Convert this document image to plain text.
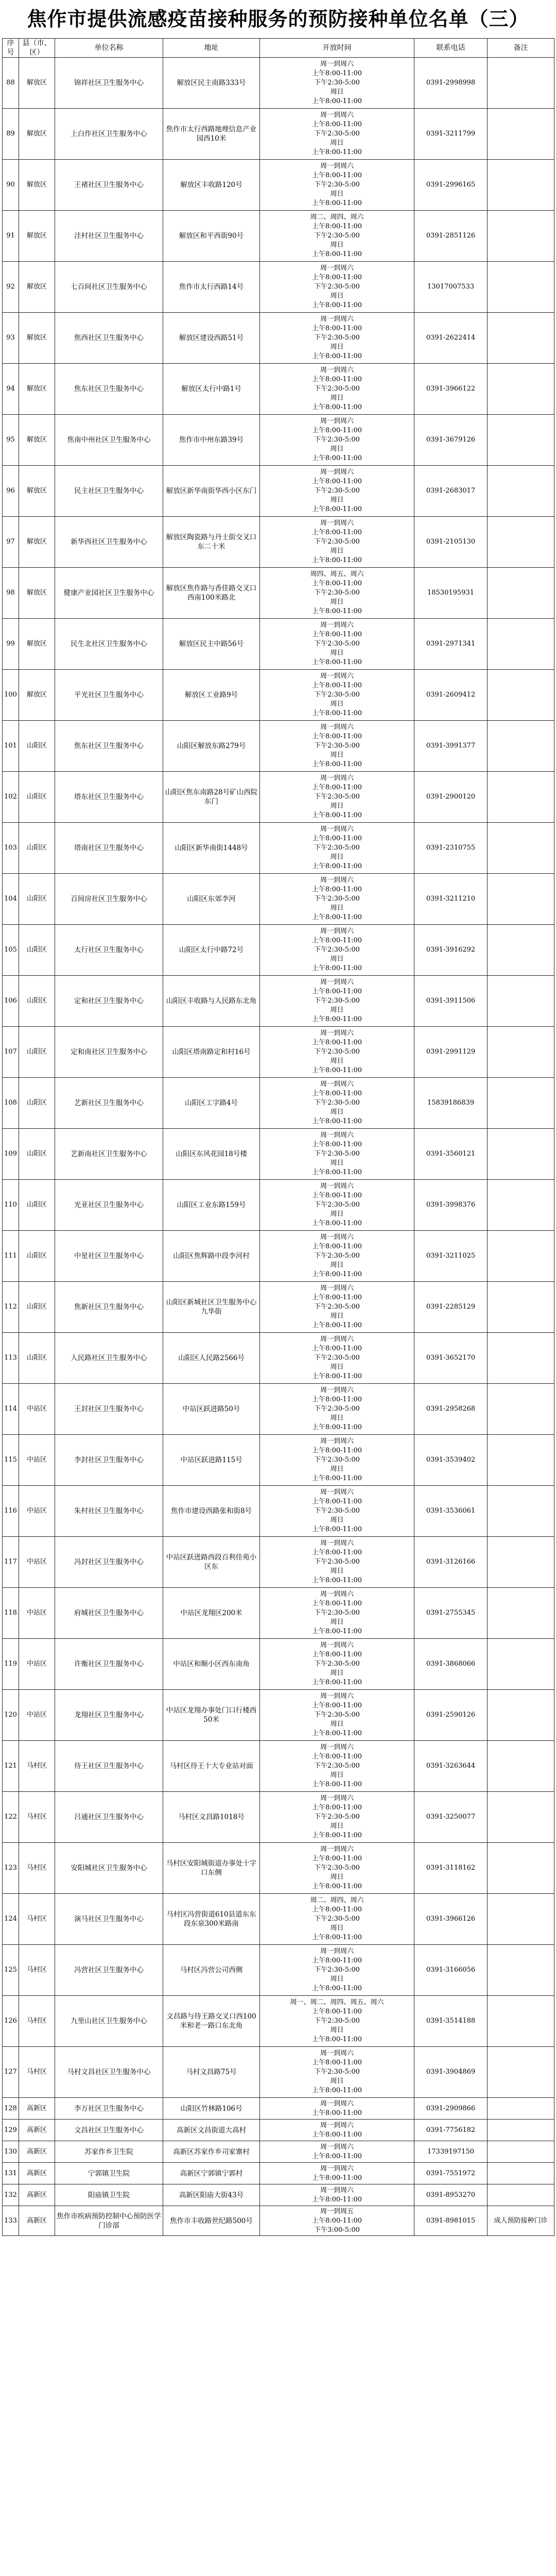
焦作市提供流感疫苗接种服务的预防接种单位名单（三）
序号	县（市、区）	单位名称	地址	开放时间	联系电话	备注
88	解放区	锦祥社区卫生服务中心	解放区民主南路333号	周一到周六
上午8:00-11:00
下午2:30-5:00
周日
上午8:00-11:00	0391-2998998	
89	解放区	上白作社区卫生服务中心	焦作市太行西路地理信息产业园西10米	周一到周六
上午8:00-11:00
下午2:30-5:00
周日
上午8:00-11:00	0391-3211799	
90	解放区	王褚社区卫生服务中心	解放区丰收路120号	周一到周六
上午8:00-11:00
下午2:30-5:00
周日
上午8:00-11:00	0391-2996165	
91	解放区	洼村社区卫生服务中心	解放区和平西街90号	周二、周四、周六
上午8:00-11:00
下午2:30-5:00
周日
上午8:00-11:00	0391-2851126	
92	解放区	七百间社区卫生服务中心	焦作市太行西路14号	周一到周六
上午8:00-11:00
下午2:30-5:00
周日
上午8:00-11:00	13017007533	
93	解放区	焦西社区卫生服务中心	解放区建设西路51号	周一到周六
上午8:00-11:00
下午2:30-5:00
周日
上午8:00-11:00	0391-2622414	
94	解放区	焦东社区卫生服务中心	解放区太行中路1号	周一到周六
上午8:00-11:00
下午2:30-5:00
周日
上午8:00-11:00	0391-3966122	
95	解放区	焦南中州社区卫生服务中心	焦作市中州东路39号	周一到周六
上午8:00-11:00
下午2:30-5:00
周日
上午8:00-11:00	0391-3679126	
96	解放区	民主社区卫生服务中心	解放区新华南街华西小区东门	周一到周六
上午8:00-11:00
下午2:30-5:00
周日
上午8:00-11:00	0391-2683017	
97	解放区	新华西社区卫生服务中心	解放区陶瓷路与丹土街交叉口东二十米	周一到周六
上午8:00-11:00
下午2:30-5:00
周日
上午8:00-11:00	0391-2105130	
98	解放区	健康产业园社区卫生服务中心	解放区焦作路与香佳路交叉口西南100米路北	周四、周五、周六
上午8:00-11:00
下午2:30-5:00
周日
上午8:00-11:00	18530195931	
99	解放区	民生北社区卫生服务中心	解放区民主中路56号	周一到周六
上午8:00-11:00
下午2:30-5:00
周日
上午8:00-11:00	0391-2971341	
100	解放区	平光社区卫生服务中心	解放区工业路9号	周一到周六
上午8:00-11:00
下午2:30-5:00
周日
上午8:00-11:00	0391-2609412	
101	山阳区	焦东社区卫生服务中心	山阳区解放东路279号	周一到周六
上午8:00-11:00
下午2:30-5:00
周日
上午8:00-11:00	0391-3991377	
102	山阳区	塔东社区卫生服务中心	山阳区焦东南路28号矿山西院东门	周一到周六
上午8:00-11:00
下午2:30-5:00
周日
上午8:00-11:00	0391-2900120	
103	山阳区	塔南社区卫生服务中心	山阳区新华南街1448号	周一到周六
上午8:00-11:00
下午2:30-5:00
周日
上午8:00-11:00	0391-2310755	
104	山阳区	百间房社区卫生服务中心	山阳区东郊李河	周一到周六
上午8:00-11:00
下午2:30-5:00
周日
上午8:00-11:00	0391-3211210	
105	山阳区	太行社区卫生服务中心	山阳区太行中路72号	周一到周六
上午8:00-11:00
下午2:30-5:00
周日
上午8:00-11:00	0391-3916292	
106	山阳区	定和社区卫生服务中心	山阳区丰收路与人民路东北角	周一到周六
上午8:00-11:00
下午2:30-5:00
周日
上午8:00-11:00	0391-3911506	
107	山阳区	定和南社区卫生服务中心	山阳区塔南路定和村16号	周一到周六
上午8:00-11:00
下午2:30-5:00
周日
上午8:00-11:00	0391-2991129	
108	山阳区	艺新社区卫生服务中心	山阳区工字路4号	周一到周六
上午8:00-11:00
下午2:30-5:00
周日
上午8:00-11:00	15839186839	
109	山阳区	艺新南社区卫生服务中心	山阳区东风花园18号楼	周一到周六
上午8:00-11:00
下午2:30-5:00
周日
上午8:00-11:00	0391-3560121	
110	山阳区	光亚社区卫生服务中心	山阳区工业东路159号	周一到周六
上午8:00-11:00
下午2:30-5:00
周日
上午8:00-11:00	0391-3998376	
111	山阳区	中星社区卫生服务中心	山阳区焦辉路中段李河村	周一到周六
上午8:00-11:00
下午2:30-5:00
周日
上午8:00-11:00	0391-3211025	
112	山阳区	焦新社区卫生服务中心	山阳区新城社区卫生服务中心九华街	周一到周六
上午8:00-11:00
下午2:30-5:00
周日
上午8:00-11:00	0391-2285129	
113	山阳区	人民路社区卫生服务中心	山阳区人民路2566号	周一到周六
上午8:00-11:00
下午2:30-5:00
周日
上午8:00-11:00	0391-3652170	
114	中站区	王封社区卫生服务中心	中站区跃进路50号	周一到周六
上午8:00-11:00
下午2:30-5:00
周日
上午8:00-11:00	0391-2958268	
115	中站区	李封社区卫生服务中心	中站区跃进路115号	周一到周六
上午8:00-11:00
下午2:30-5:00
周日
上午8:00-11:00	0391-3539402	
116	中站区	朱村社区卫生服务中心	焦作市建设西路张和街8号	周一到周六
上午8:00-11:00
下午2:30-5:00
周日
上午8:00-11:00	0391-3536061	
117	中站区	冯封社区卫生服务中心	中站区跃进路西段百利佳苑小区东	周一到周六
上午8:00-11:00
下午2:30-5:00
周日
上午8:00-11:00	0391-3126166	
118	中站区	府城社区卫生服务中心	中站区龙翔区200米	周一到周六
上午8:00-11:00
下午2:30-5:00
周日
上午8:00-11:00	0391-2755345	
119	中站区	许衡社区卫生服务中心	中站区和顺小区西东南角	周一到周六
上午8:00-11:00
下午2:30-5:00
周日
上午8:00-11:00	0391-3868066	
120	中站区	龙翔社区卫生服务中心	中站区龙翔办事处门口行楼西50米	周一到周六
上午8:00-11:00
下午2:30-5:00
周日
上午8:00-11:00	0391-2590126	
121	马村区	待王社区卫生服务中心	马村区待王十大专业站对面	周一到周六
上午8:00-11:00
下午2:30-5:00
周日
上午8:00-11:00	0391-3263644	
122	马村区	吕通社区卫生服务中心	马村区文昌路1018号	周一到周六
上午8:00-11:00
下午2:30-5:00
周日
上午8:00-11:00	0391-3250077	
123	马村区	安阳城社区卫生服务中心	马村区安阳城街道办事处十字口东侧	周一到周六
上午8:00-11:00
下午2:30-5:00
周日
上午8:00-11:00	0391-3118162	
124	马村区	演马社区卫生服务中心	马村区冯营街道610县道东东段东泉300米路南	周二、周四、周六
上午8:00-11:00
下午2:30-5:00
周日
上午8:00-11:00	0391-3966126	
125	马村区	冯营社区卫生服务中心	马村区冯营公司西侧	周一到周六
上午8:00-11:00
下午2:30-5:00
周日
上午8:00-11:00	0391-3166056	
126	马村区	九里山社区卫生服务中心	文昌路与待王路交叉口西100米和老一路口东北角	周一、周二、周四、周五、周六
上午8:00-11:00
下午2:30-5:00
周日
上午8:00-11:00	0391-3514188	
127	马村区	马村文昌社区卫生服务中心	马村文昌路75号	周一到周六
上午8:00-11:00
下午2:30-5:00
周日
上午8:00-11:00	0391-3904869	
128	高新区	李万社区卫生服务中心	山阳区竹林路106号	周一到周六
上午8:00-11:00	0391-2909866	
129	高新区	文昌社区卫生服务中心	高新区文昌街道大高村	周一到周六
上午8:00-11:00	0391-7756182	
130	高新区	苏家作乡卫生院	高新区苏家作乡司家寨村	周一到周六
上午8:00-11:00	17339197150	
131	高新区	宁郭镇卫生院	高新区宁郭镇宁郭村	周一到周六
上午8:00-11:00	0391-7551972	
132	高新区	阳庙镇卫生院	高新区阳庙大街43号	周一到周六
上午8:00-11:00	0391-8953270	
133	高新区	焦作市疾病预防控制中心预防医学门诊部	焦作市丰收路世纪路500号	周一到周五
上午8:00-11:00
下午3:00-5:00	0391-8981015	成人预防接种门诊
